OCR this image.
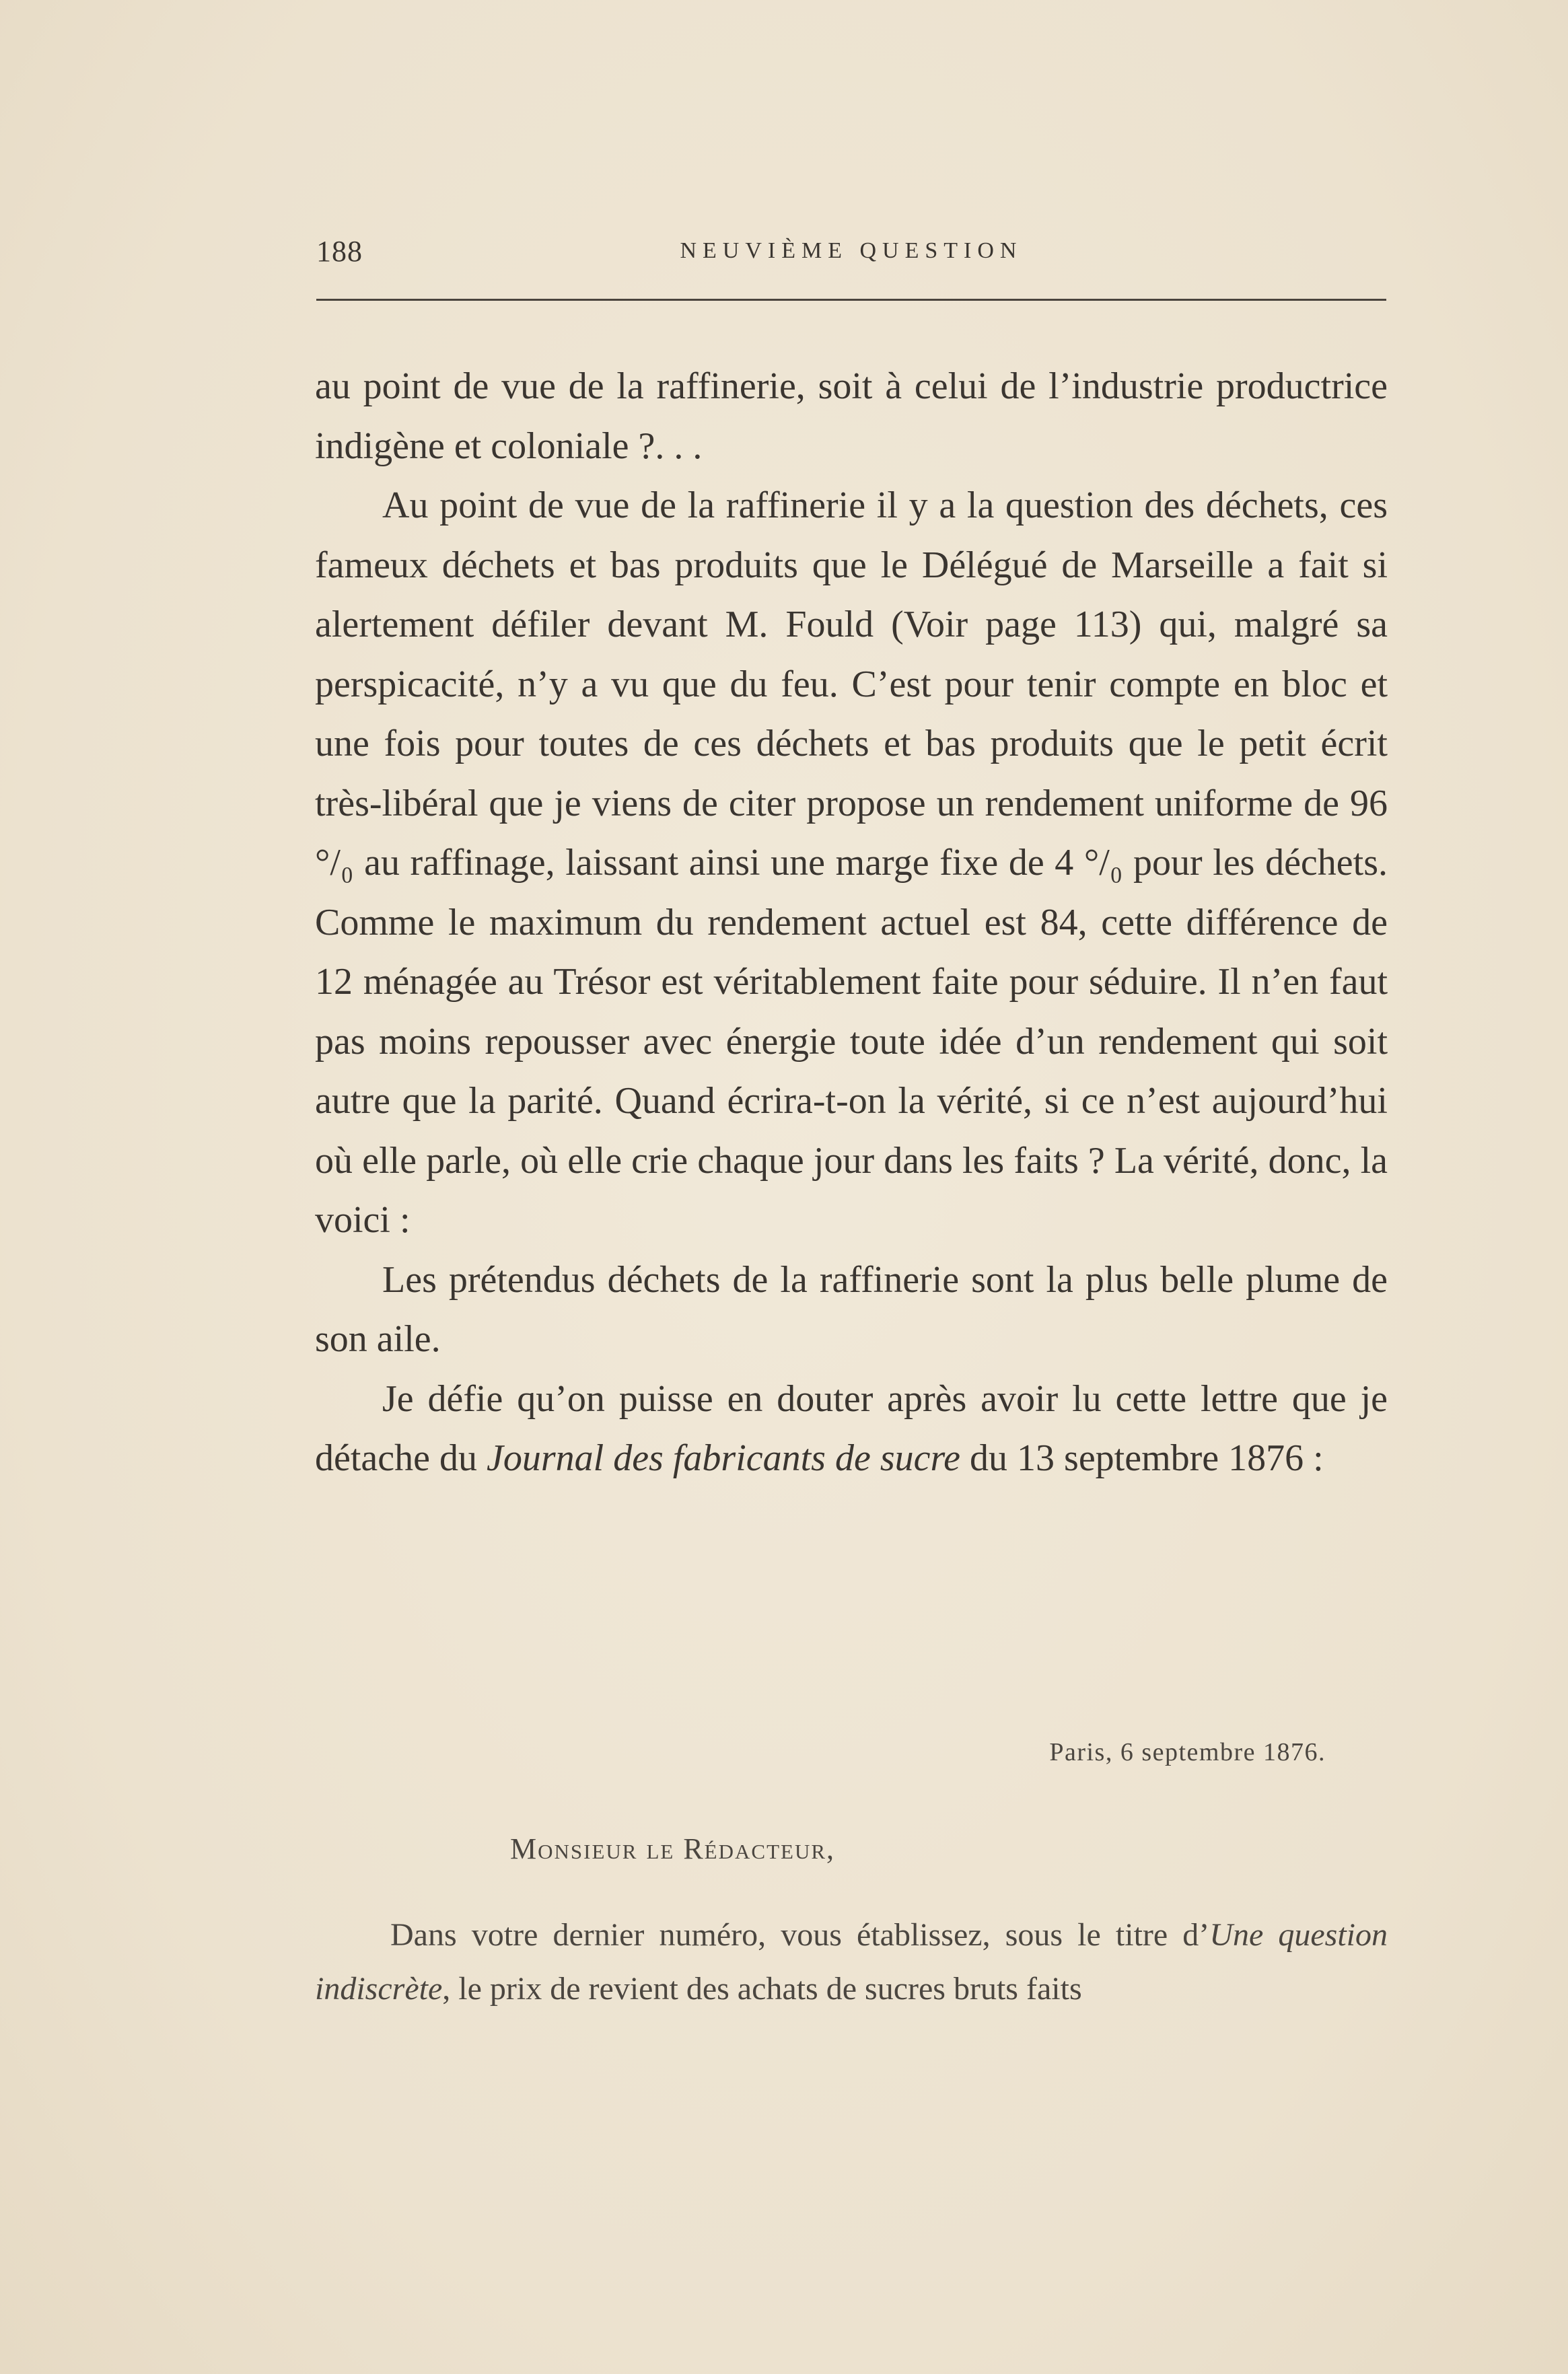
188	NEUVIÈME QUESTION

au point de vue de la raffinerie, soit à celui de l’industrie productrice indigène et coloniale ?. . .

Au point de vue de la raffinerie il y a la question des déchets, ces fameux déchets et bas produits que le Délégué de Marseille a fait si alertement défiler devant M. Fould (Voir page 113) qui, malgré sa perspicacité, n’y a vu que du feu. C’est pour tenir compte en bloc et une fois pour toutes de ces déchets et bas produits que le petit écrit très-libéral que je viens de citer propose un rendement uniforme de 96 °/₀ au raffinage, laissant ainsi une marge fixe de 4 °/₀ pour les déchets. Comme le maximum du rendement actuel est 84, cette différence de 12 ménagée au Trésor est véritablement faite pour séduire. Il n’en faut pas moins repousser avec énergie toute idée d’un rendement qui soit autre que la parité. Quand écrira-t-on la vérité, si ce n’est aujourd’hui où elle parle, où elle crie chaque jour dans les faits ? La vérité, donc, la voici :

Les prétendus déchets de la raffinerie sont la plus belle plume de son aile.

Je défie qu’on puisse en douter après avoir lu cette lettre que je détache du Journal des fabricants de sucre du 13 septembre 1876 :

Paris, 6 septembre 1876.
Monsieur le Rédacteur,

Dans votre dernier numéro, vous établissez, sous le titre d’Une question indiscrète, le prix de revient des achats de sucres bruts faits
